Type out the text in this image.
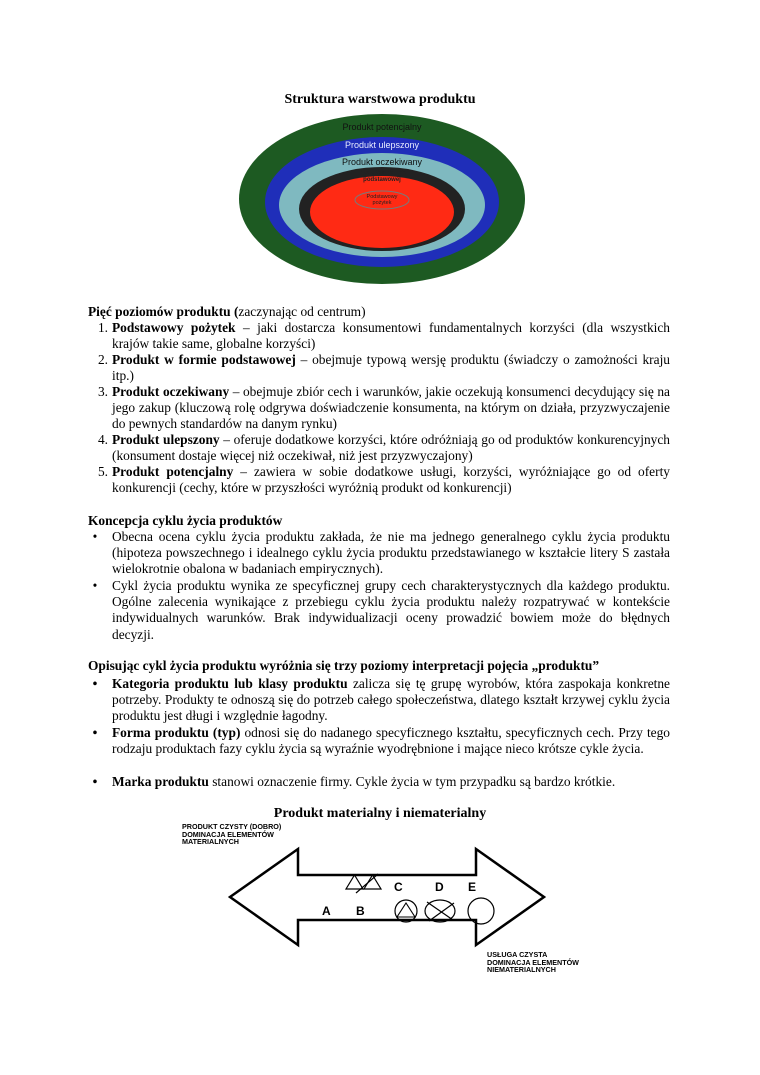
Struktura warstwowa produktu
Produkt potencjalny
Produkt ulepszony
Produkt oczekiwany
Produkt w formie podstawowej
Podstawowy pożytek
Pięć poziomów produktu (zaczynając od centrum)
1. Podstawowy pożytek – jaki dostarcza konsumentowi fundamentalnych korzyści (dla wszystkich krajów takie same, globalne korzyści)
2. Produkt w formie podstawowej – obejmuje typową wersję produktu (świadczy o zamożności kraju itp.)
3. Produkt oczekiwany – obejmuje zbiór cech i warunków, jakie oczekują konsumenci decydujący się na jego zakup (kluczową rolę odgrywa doświadczenie konsumenta, na którym on działa, przyzwyczajenie do pewnych standardów na danym rynku)
4. Produkt ulepszony – oferuje dodatkowe korzyści, które odróżniają go od produktów konkurencyjnych (konsument dostaje więcej niż oczekiwał, niż jest przyzwyczajony)
5. Produkt potencjalny – zawiera w sobie dodatkowe usługi, korzyści, wyróżniające go od oferty konkurencji (cechy, które w przyszłości wyróżnią produkt od konkurencji)
Koncepcja cyklu życia produktów
•	Obecna ocena cyklu życia produktu zakłada, że nie ma jednego generalnego cyklu życia produktu (hipoteza powszechnego i idealnego cyklu życia produktu przedstawianego w kształcie litery S zastała wielokrotnie obalona w badaniach empirycznych).
•	Cykl życia produktu wynika ze specyficznej grupy cech charakterystycznych dla każdego produktu. Ogólne zalecenia wynikające z przebiegu cyklu życia produktu należy rozpatrywać w kontekście indywidualnych warunków. Brak indywidualizacji oceny prowadzić bowiem może do błędnych decyzji.
Opisując cykl życia produktu wyróżnia się trzy poziomy interpretacji pojęcia „produktu”
•	Kategoria produktu lub klasy produktu zalicza się tę grupę wyrobów, która zaspokaja konkretne potrzeby. Produkty te odnoszą się do potrzeb całego społeczeństwa, dlatego kształt krzywej cyklu życia produktu jest długi i względnie łagodny.
•	Forma produktu (typ) odnosi się do nadanego specyficznego kształtu, specyficznych cech. Przy tego rodzaju produktach fazy cyklu życia są wyraźnie wyodrębnione i mające nieco krótsze cykle życia.
•	Marka produktu stanowi oznaczenie firmy. Cykle życia w tym przypadku są bardzo krótkie.
Produkt materialny i niematerialny
PRODUKT CZYSTY (DOBRO)
DOMINACJA ELEMENTÓW
MATERIALNYCH
A B
C	D E
USŁUGA CZYSTA
DOMINACJA ELEMENTÓW
NIEMATERIALNYCH
